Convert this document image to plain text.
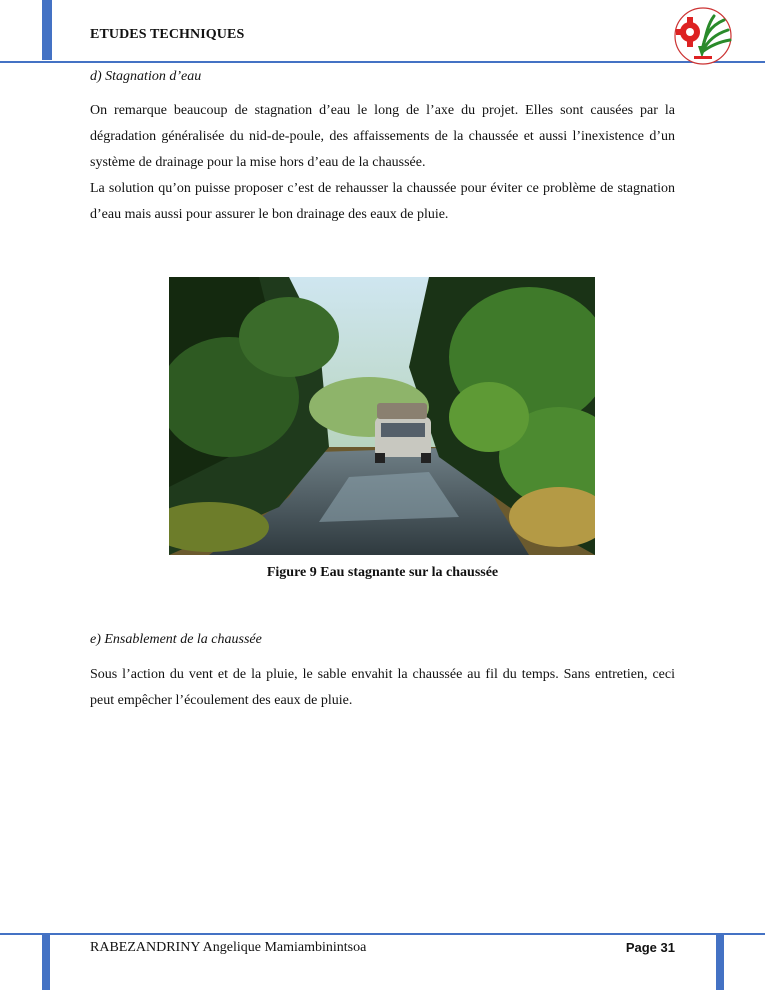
ETUDES TECHNIQUES
d) Stagnation d’eau

On remarque beaucoup de stagnation d’eau le long de l’axe du projet. Elles sont causées par la dégradation généralisée du nid-de-poule, des affaissements de la chaussée et aussi l’inexistence d’un système de drainage pour la mise hors d’eau de la chaussée.

La solution qu’on puisse proposer c’est de rehausser la chaussée pour éviter ce problème de stagnation d’eau mais aussi pour assurer le bon drainage des eaux de pluie.

Figure 9 Eau stagnante sur la chaussée
e) Ensablement de la chaussée

Sous l’action du vent et de la pluie, le sable envahit la chaussée au fil du temps. Sans entretien, ceci peut empêcher l’écoulement des eaux de pluie.

RABEZANDRINY Angelique Mamiambinintsoa	Page 31
